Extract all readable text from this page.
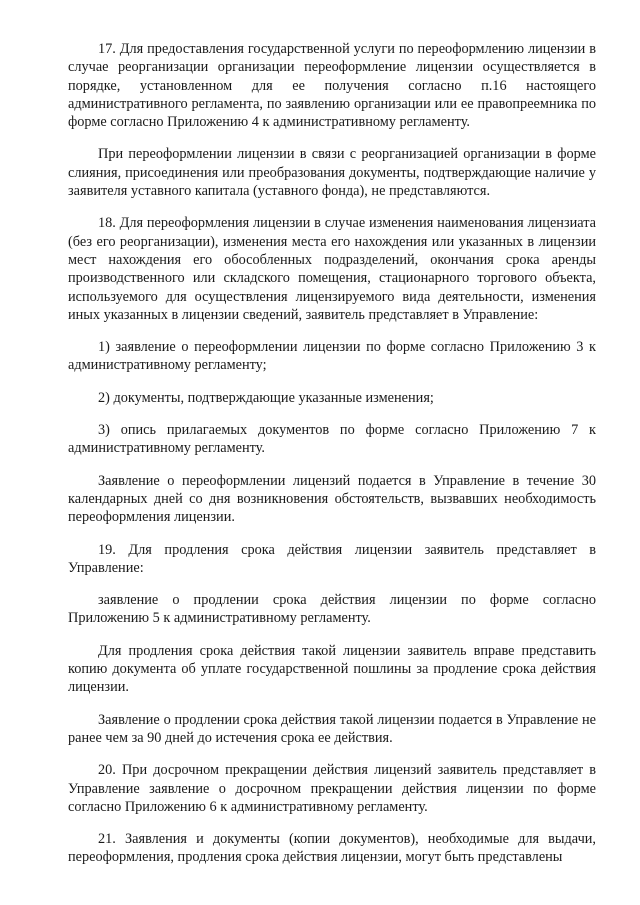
17. Для предоставления государственной услуги по переоформлению лицензии в случае реорганизации организации переоформление лицензии осуществляется в порядке, установленном для ее получения согласно п.16 настоящего административного регламента, по заявлению организации или ее правопреемника по форме согласно Приложению 4 к административному регламенту.

При переоформлении лицензии в связи с реорганизацией организации в форме слияния, присоединения или преобразования документы, подтверждающие наличие у заявителя уставного капитала (уставного фонда), не представляются.

18. Для переоформления лицензии в случае изменения наименования лицензиата (без его реорганизации), изменения места его нахождения или указанных в лицензии мест нахождения его обособленных подразделений, окончания срока аренды производственного или складского помещения, стационарного торгового объекта, используемого для осуществления лицензируемого вида деятельности, изменения иных указанных в лицензии сведений, заявитель представляет в Управление:

1) заявление о переоформлении лицензии по форме согласно Приложению 3 к административному регламенту;

2) документы, подтверждающие указанные изменения;

3) опись прилагаемых документов по форме согласно Приложению 7 к административному регламенту.

Заявление о переоформлении лицензий подается в Управление в течение 30 календарных дней со дня возникновения обстоятельств, вызвавших необходимость переоформления лицензии.

19. Для продления срока действия лицензии заявитель представляет в Управление:

заявление о продлении срока действия лицензии по форме согласно Приложению 5 к административному регламенту.

Для продления срока действия такой лицензии заявитель вправе представить копию документа об уплате государственной пошлины за продление срока действия лицензии.

Заявление о продлении срока действия такой лицензии подается в Управление не ранее чем за 90 дней до истечения срока ее действия.

20. При досрочном прекращении действия лицензий заявитель представляет в Управление заявление о досрочном прекращении действия лицензии по форме согласно Приложению 6 к административному регламенту.

21. Заявления и документы (копии документов), необходимые для выдачи, переоформления, продления срока действия лицензии, могут быть представлены
